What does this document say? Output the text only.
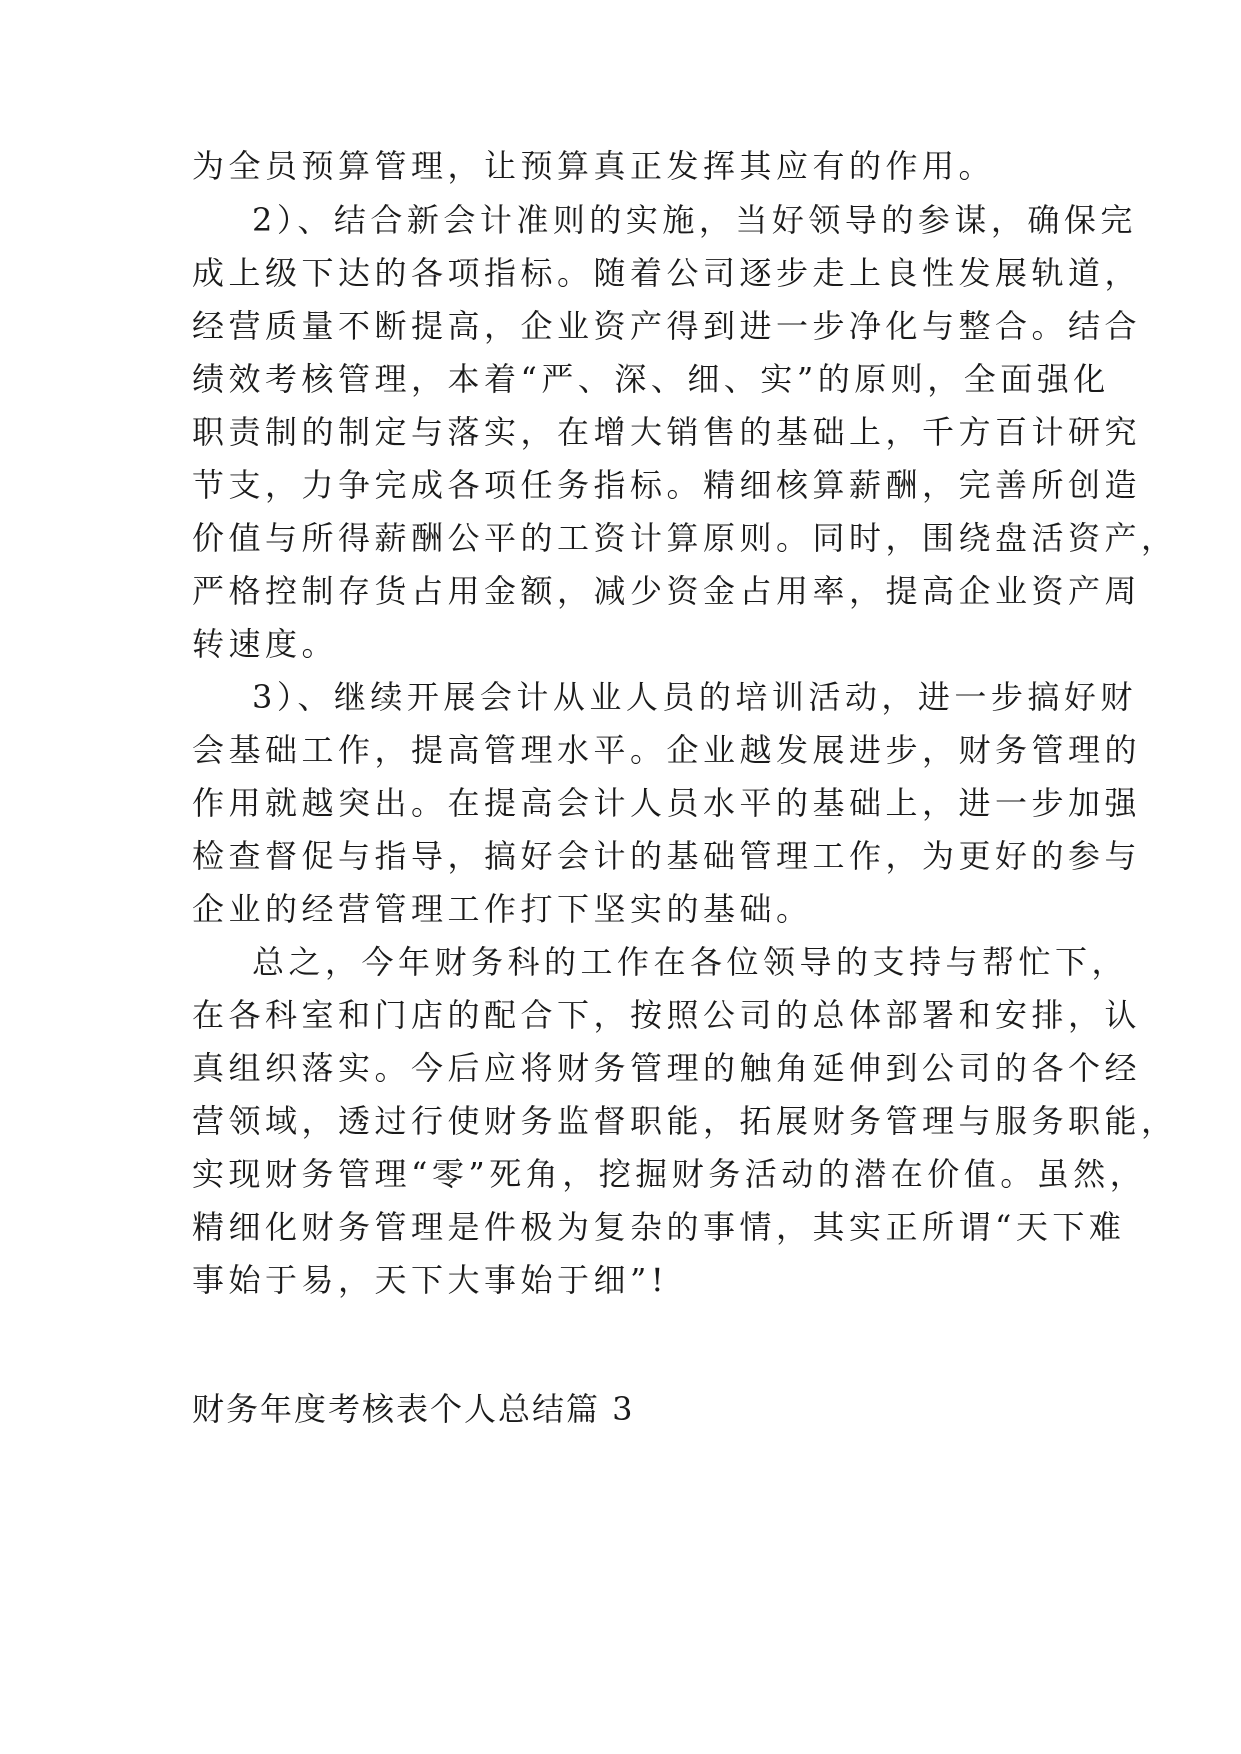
为全员预算管理，让预算真正发挥其应有的作用。
2）、结合新会计准则的实施，当好领导的参谋，确保完
成上级下达的各项指标。随着公司逐步走上良性发展轨道，
经营质量不断提高，企业资产得到进一步净化与整合。结合
绩效考核管理，本着“严、深、细、实”的原则，全面强化
职责制的制定与落实，在增大销售的基础上，千方百计研究
节支，力争完成各项任务指标。精细核算薪酬，完善所创造
价值与所得薪酬公平的工资计算原则。同时，围绕盘活资产，
严格控制存货占用金额，减少资金占用率，提高企业资产周
转速度。
3）、继续开展会计从业人员的培训活动，进一步搞好财
会基础工作，提高管理水平。企业越发展进步，财务管理的
作用就越突出。在提高会计人员水平的基础上，进一步加强
检查督促与指导，搞好会计的基础管理工作，为更好的参与
企业的经营管理工作打下坚实的基础。
总之，今年财务科的工作在各位领导的支持与帮忙下，
在各科室和门店的配合下，按照公司的总体部署和安排，认
真组织落实。今后应将财务管理的触角延伸到公司的各个经
营领域，透过行使财务监督职能，拓展财务管理与服务职能，
实现财务管理“零”死角，挖掘财务活动的潜在价值。虽然，
精细化财务管理是件极为复杂的事情，其实正所谓“天下难
事始于易，天下大事始于细”!
财务年度考核表个人总结篇 3
